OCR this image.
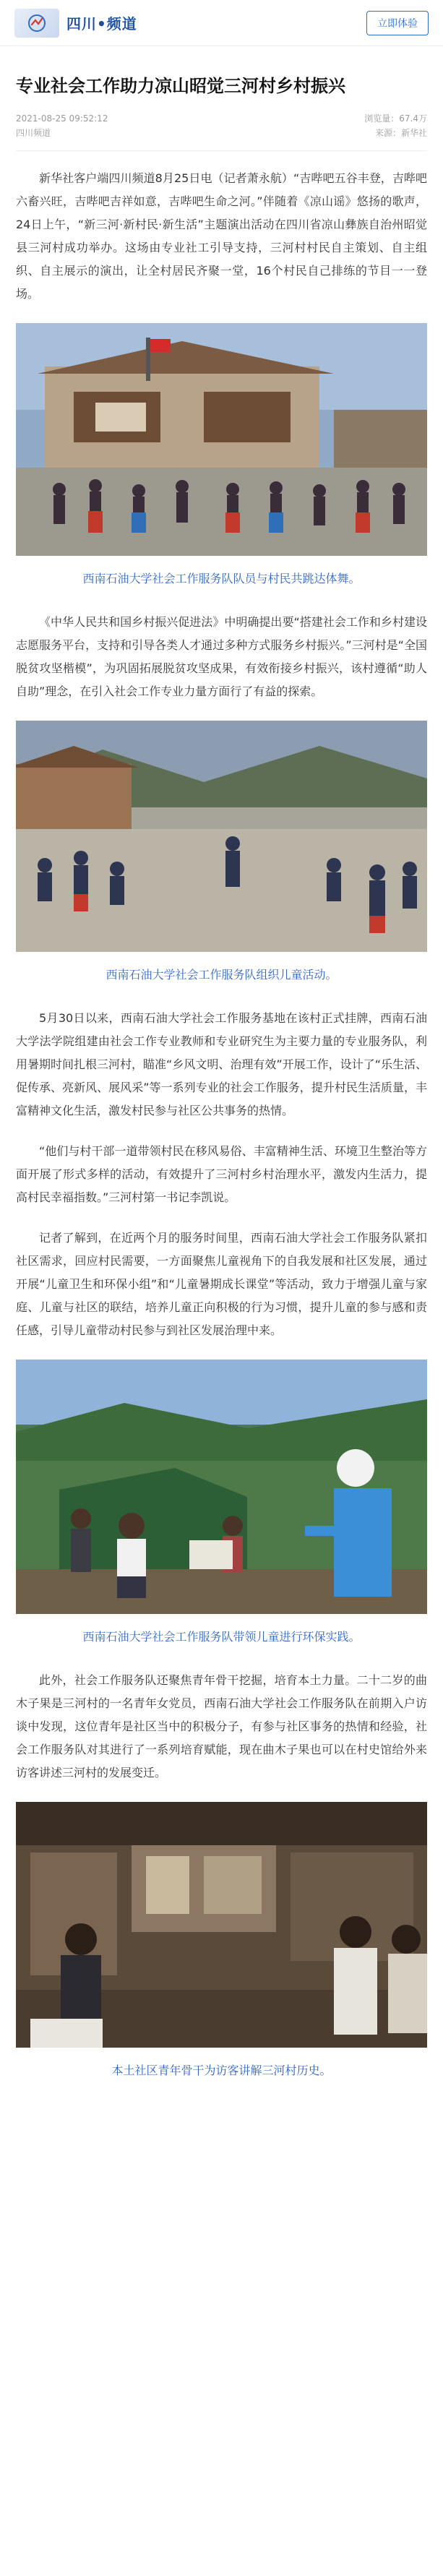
四川•频道	立即体验
专业社会工作助力凉山昭觉三河村乡村振兴
2021-08-25 09:52:12
四川频道
浏览量：67.4万
来源：新华社

新华社客户端四川频道8月25日电（记者萧永航）“吉哔吧五谷丰登，吉哔吧六畜兴旺，吉哔吧吉祥如意，吉哔吧生命之河。”伴随着《凉山谣》悠扬的歌声，24日上午，“新三河·新村民·新生活”主题演出活动在四川省凉山彝族自治州昭觉县三河村成功举办。这场由专业社工引导支持，三河村村民自主策划、自主组织、自主展示的演出，让全村居民齐聚一堂，16个村民自己排练的节目一一登场。

西南石油大学社会工作服务队队员与村民共跳达体舞。

《中华人民共和国乡村振兴促进法》中明确提出要“搭建社会工作和乡村建设志愿服务平台，支持和引导各类人才通过多种方式服务乡村振兴。”三河村是“全国脱贫攻坚楷模”，为巩固拓展脱贫攻坚成果，有效衔接乡村振兴，该村遵循“助人自助”理念，在引入社会工作专业力量方面行了有益的探索。

西南石油大学社会工作服务队组织儿童活动。

5月30日以来，西南石油大学社会工作服务基地在该村正式挂牌，西南石油大学法学院组建由社会工作专业教师和专业研究生为主要力量的专业服务队，利用暑期时间扎根三河村，瞄准“乡风文明、治理有效”开展工作，设计了“乐生活、促传承、亮新风、展风采”等一系列专业的社会工作服务，提升村民生活质量，丰富精神文化生活，激发村民参与社区公共事务的热情。

“他们与村干部一道带领村民在移风易俗、丰富精神生活、环境卫生整治等方面开展了形式多样的活动，有效提升了三河村乡村治理水平，激发内生活力，提高村民幸福指数。”三河村第一书记李凯说。

记者了解到，在近两个月的服务时间里，西南石油大学社会工作服务队紧扣社区需求，回应村民需要，一方面聚焦儿童视角下的自我发展和社区发展，通过开展“儿童卫生和环保小组”和“儿童暑期成长课堂”等活动，致力于增强儿童与家庭、儿童与社区的联结，培养儿童正向积极的行为习惯，提升儿童的参与感和责任感，引导儿童带动村民参与到社区发展治理中来。

西南石油大学社会工作服务队带领儿童进行环保实践。

此外，社会工作服务队还聚焦青年骨干挖掘，培育本土力量。二十二岁的曲木子果是三河村的一名青年女党员，西南石油大学社会工作服务队在前期入户访谈中发现，这位青年是社区当中的积极分子，有参与社区事务的热情和经验，社会工作服务队对其进行了一系列培育赋能，现在曲木子果也可以在村史馆给外来访客讲述三河村的发展变迁。

本土社区青年骨干为访客讲解三河村历史。
